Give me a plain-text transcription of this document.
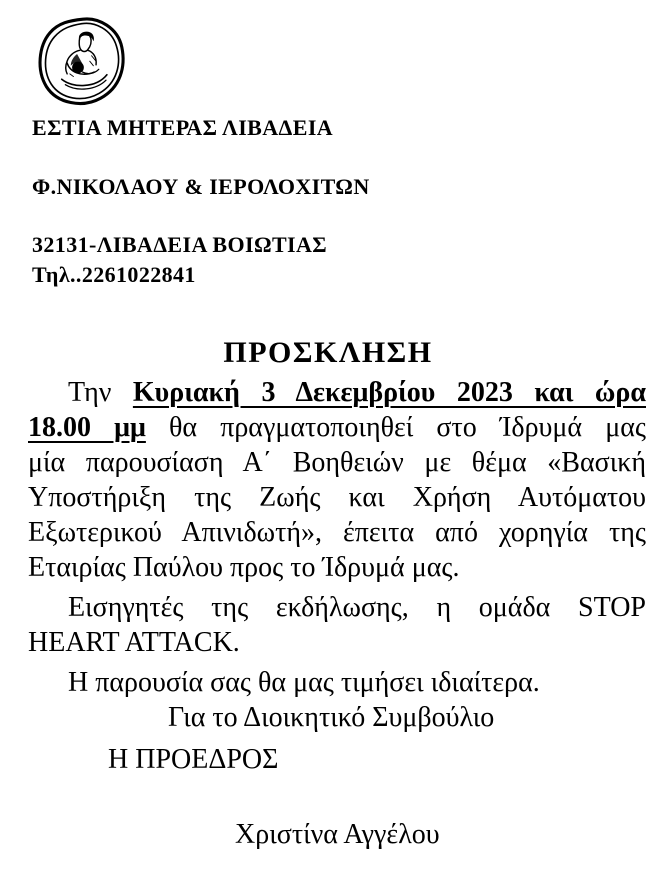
ΕΣΤΙΑ ΜΗΤΕΡΑΣ ΛΙΒΑΔΕΙΑ
Φ.ΝΙΚΟΛΑΟΥ & ΙΕΡΟΛΟΧΙΤΩΝ
32131-ΛΙΒΑΔΕΙΑ ΒΟΙΩΤΙΑΣ
Τηλ..2261022841
ΠΡΟΣΚΛΗΣΗ
Την Κυριακή 3 Δεκεμβρίου 2023 και ώρα
18.00 μμ θα πραγματοποιηθεί στο Ίδρυμά μας
μία παρουσίαση Α΄ Βοηθειών με θέμα «Βασική
Υποστήριξη της Ζωής και Χρήση Αυτόματου
Εξωτερικού Απινιδωτή», έπειτα από χορηγία της
Εταιρίας Παύλου προς το Ίδρυμά μας.
Εισηγητές της εκδήλωσης, η ομάδα STOP
HEART ATTACK.
Η παρουσία σας θα μας τιμήσει ιδιαίτερα.
Για το Διοικητικό Συμβούλιο
Η ΠΡΟΕΔΡΟΣ
Χριστίνα Αγγέλου
